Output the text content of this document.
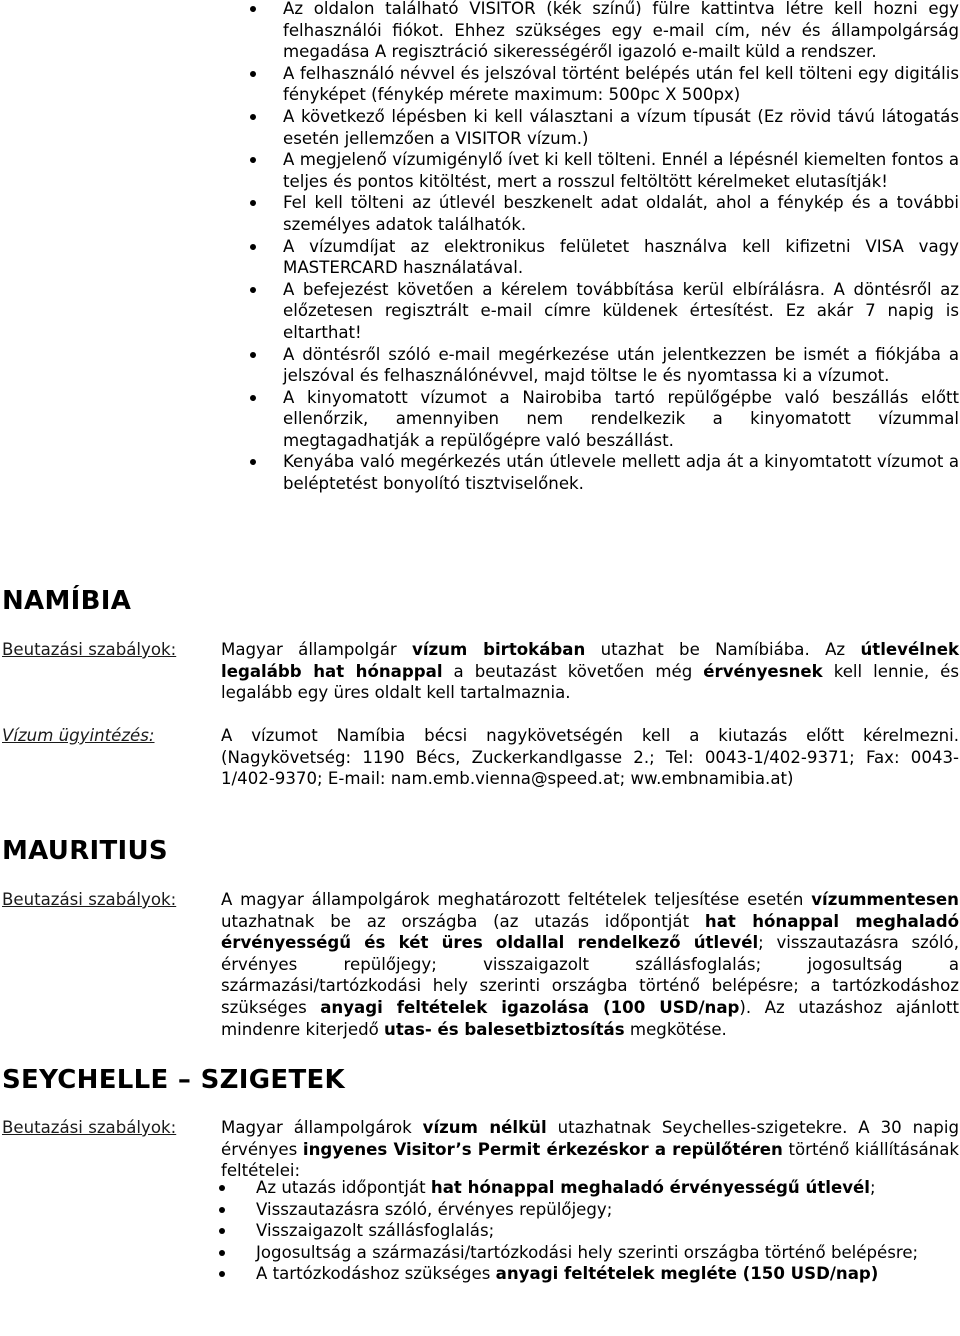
Az oldalon található VISITOR (kék színű) fülre kattintva létre kell hozni egy felhasználói fiókot. Ehhez szükséges egy e-mail cím, név és állampolgárság megadása A regisztráció sikerességéről igazoló e-mailt küld a rendszer.
A felhasználó névvel és jelszóval történt belépés után fel kell tölteni egy digitális fényképet (fénykép mérete maximum: 500pc X 500px)
A következő lépésben ki kell választani a vízum típusát (Ez rövid távú látogatás esetén jellemzően a VISITOR vízum.)
A megjelenő vízumigénylő ívet ki kell tölteni. Ennél a lépésnél kiemelten fontos a teljes és pontos kitöltést, mert a rosszul feltöltött kérelmeket elutasítják!
Fel kell tölteni az útlevél beszkenelt adat oldalát, ahol a fénykép és a további személyes adatok találhatók.
A vízumdíjat az elektronikus felületet használva kell kifizetni VISA vagy MASTERCARD használatával.
A befejezést követően a kérelem továbbítása kerül elbírálásra. A döntésről az előzetesen regisztrált e-mail címre küldenek értesítést. Ez akár 7 napig is eltarthat!
A döntésről szóló e-mail megérkezése után jelentkezzen be ismét a fiókjába a jelszóval és felhasználónévvel, majd töltse le és nyomtassa ki a vízumot.
A kinyomatott vízumot a Nairobiba tartó repülőgépbe való beszállás előtt ellenőrzik, amennyiben nem rendelkezik a kinyomatott vízummal megtagadhatják a repülőgépre való beszállást.
Kenyába való megérkezés után útlevele mellett adja át a kinyomtatott vízumot a beléptetést bonyolító tisztviselőnek.
NAMÍBIA
Beutazási szabályok:	Magyar állampolgár vízum birtokában utazhat be Namíbiába. Az útlevélnek legalább hat hónappal a beutazást követően még érvényesnek kell lennie, és legalább egy üres oldalt kell tartalmaznia.
Vízum ügyintézés:	A vízumot Namíbia bécsi nagykövetségén kell a kiutazás előtt kérelmezni. (Nagykövetség: 1190 Bécs, Zuckerkandlgasse 2.; Tel: 0043-1/402-9371; Fax: 0043-1/402-9370; E-mail: nam.emb.vienna@speed.at; ww.embnamibia.at)
MAURITIUS
Beutazási szabályok:	A magyar állampolgárok meghatározott feltételek teljesítése esetén vízummentesen utazhatnak be az országba (az utazás időpontját hat hónappal meghaladó érvényességű és két üres oldallal rendelkező útlevél; visszautazásra szóló, érvényes repülőjegy; visszaigazolt szállásfoglalás; jogosultság a származási/tartózkodási hely szerinti országba történő belépésre; a tartózkodáshoz szükséges anyagi feltételek igazolása (100 USD/nap). Az utazáshoz ajánlott mindenre kiterjedő utas- és balesetbiztosítás megkötése.
SEYCHELLE – SZIGETEK
Beutazási szabályok:	Magyar állampolgárok vízum nélkül utazhatnak Seychelles-szigetekre. A 30 napig érvényes ingyenes Visitor’s Permit érkezéskor a repülőtéren történő kiállításának feltételei:
Az utazás időpontját hat hónappal meghaladó érvényességű útlevél;
Visszautazásra szóló, érvényes repülőjegy;
Visszaigazolt szállásfoglalás;
Jogosultság a származási/tartózkodási hely szerinti országba történő belépésre;
A tartózkodáshoz szükséges anyagi feltételek megléte (150 USD/nap)
